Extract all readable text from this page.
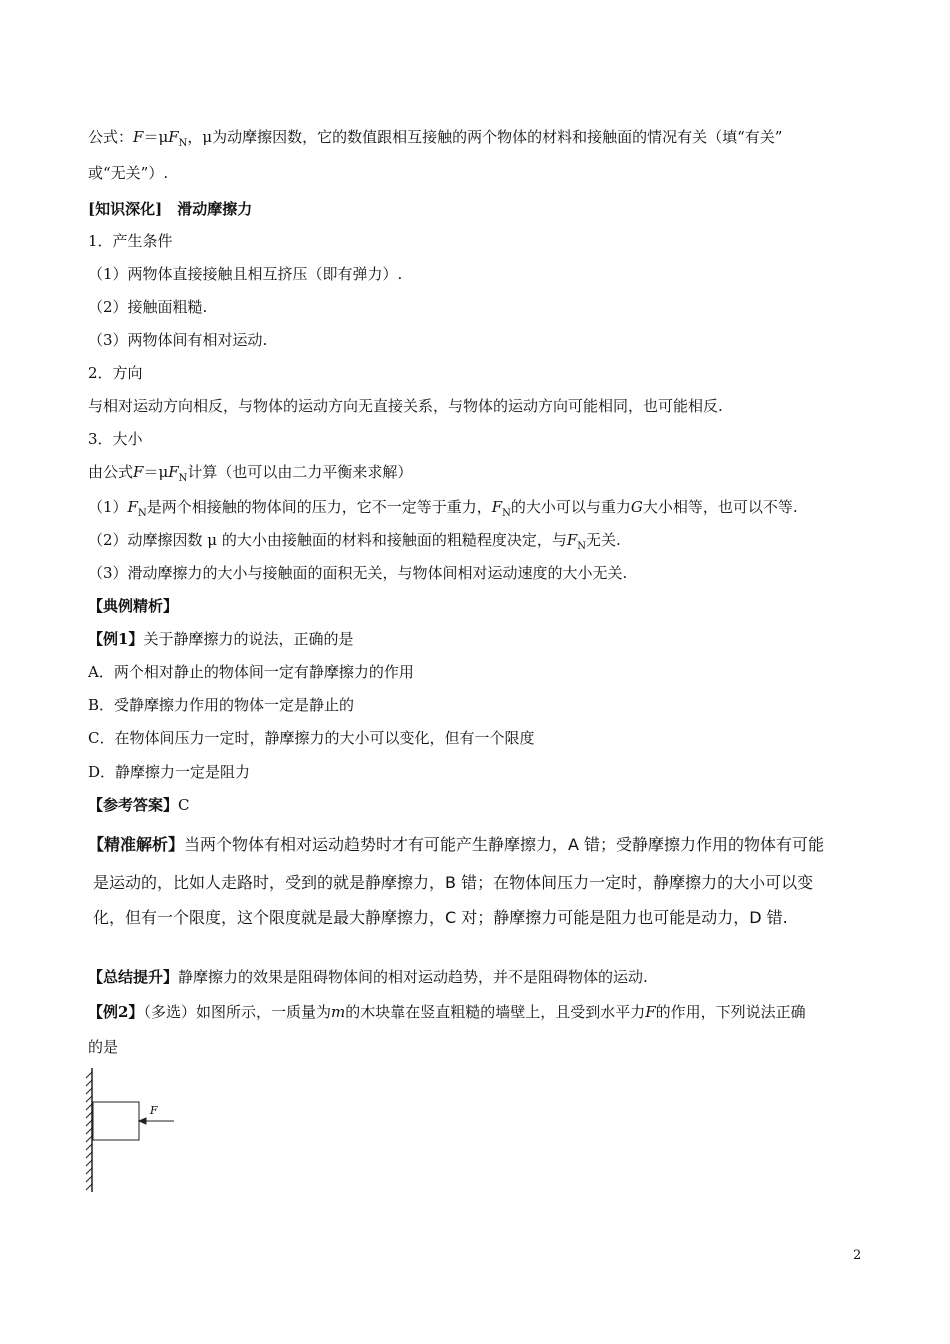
公式：$F=\mu F_N$，μ为动摩擦因数，它的数值跟相互接触的两个物体的材料和接触面的情况有关（填“有关”
或“无关”）.
[知识深化]　滑动摩擦力
1．产生条件
（1）两物体直接接触且相互挤压（即有弹力）.
（2）接触面粗糙.
（3）两物体间有相对运动.
2．方向
与相对运动方向相反，与物体的运动方向无直接关系，与物体的运动方向可能相同，也可能相反.
3．大小
由公式$F=\mu F_N$计算（也可以由二力平衡来求解）
$(1)F_N$是两个相接触的物体间的压力，它不一定等于重力，$F_N$的大小可以与重力G大小相等，也可以不等.
（2）动摩擦因数 μ 的大小由接触面的材料和接触面的粗糙程度决定，与$F_N$无关.
（3）滑动摩擦力的大小与接触面的面积无关，与物体间相对运动速度的大小无关.
【典例精析】
【例1】关于静摩擦力的说法，正确的是
A．两个相对静止的物体间一定有静摩擦力的作用
B．受静摩擦力作用的物体一定是静止的
C．在物体间压力一定时，静摩擦力的大小可以变化，但有一个限度
D．静摩擦力一定是阻力
【参考答案】C
【精准解析】当两个物体有相对运动趋势时才有可能产生静摩擦力，A 错；受静摩擦力作用的物体有可能
是运动的，比如人走路时，受到的就是静摩擦力，B 错；在物体间压力一定时，静摩擦力的大小可以变
化，但有一个限度，这个限度就是最大静摩擦力，C 对；静摩擦力可能是阻力也可能是动力，D 错.
【总结提升】静摩擦力的效果是阻碍物体间的相对运动趋势，并不是阻碍物体的运动.
【例2】（多选）如图所示，一质量为m的木块靠在竖直粗糙的墙壁上，且受到水平力F的作用，下列说法正确
的是
F
2
